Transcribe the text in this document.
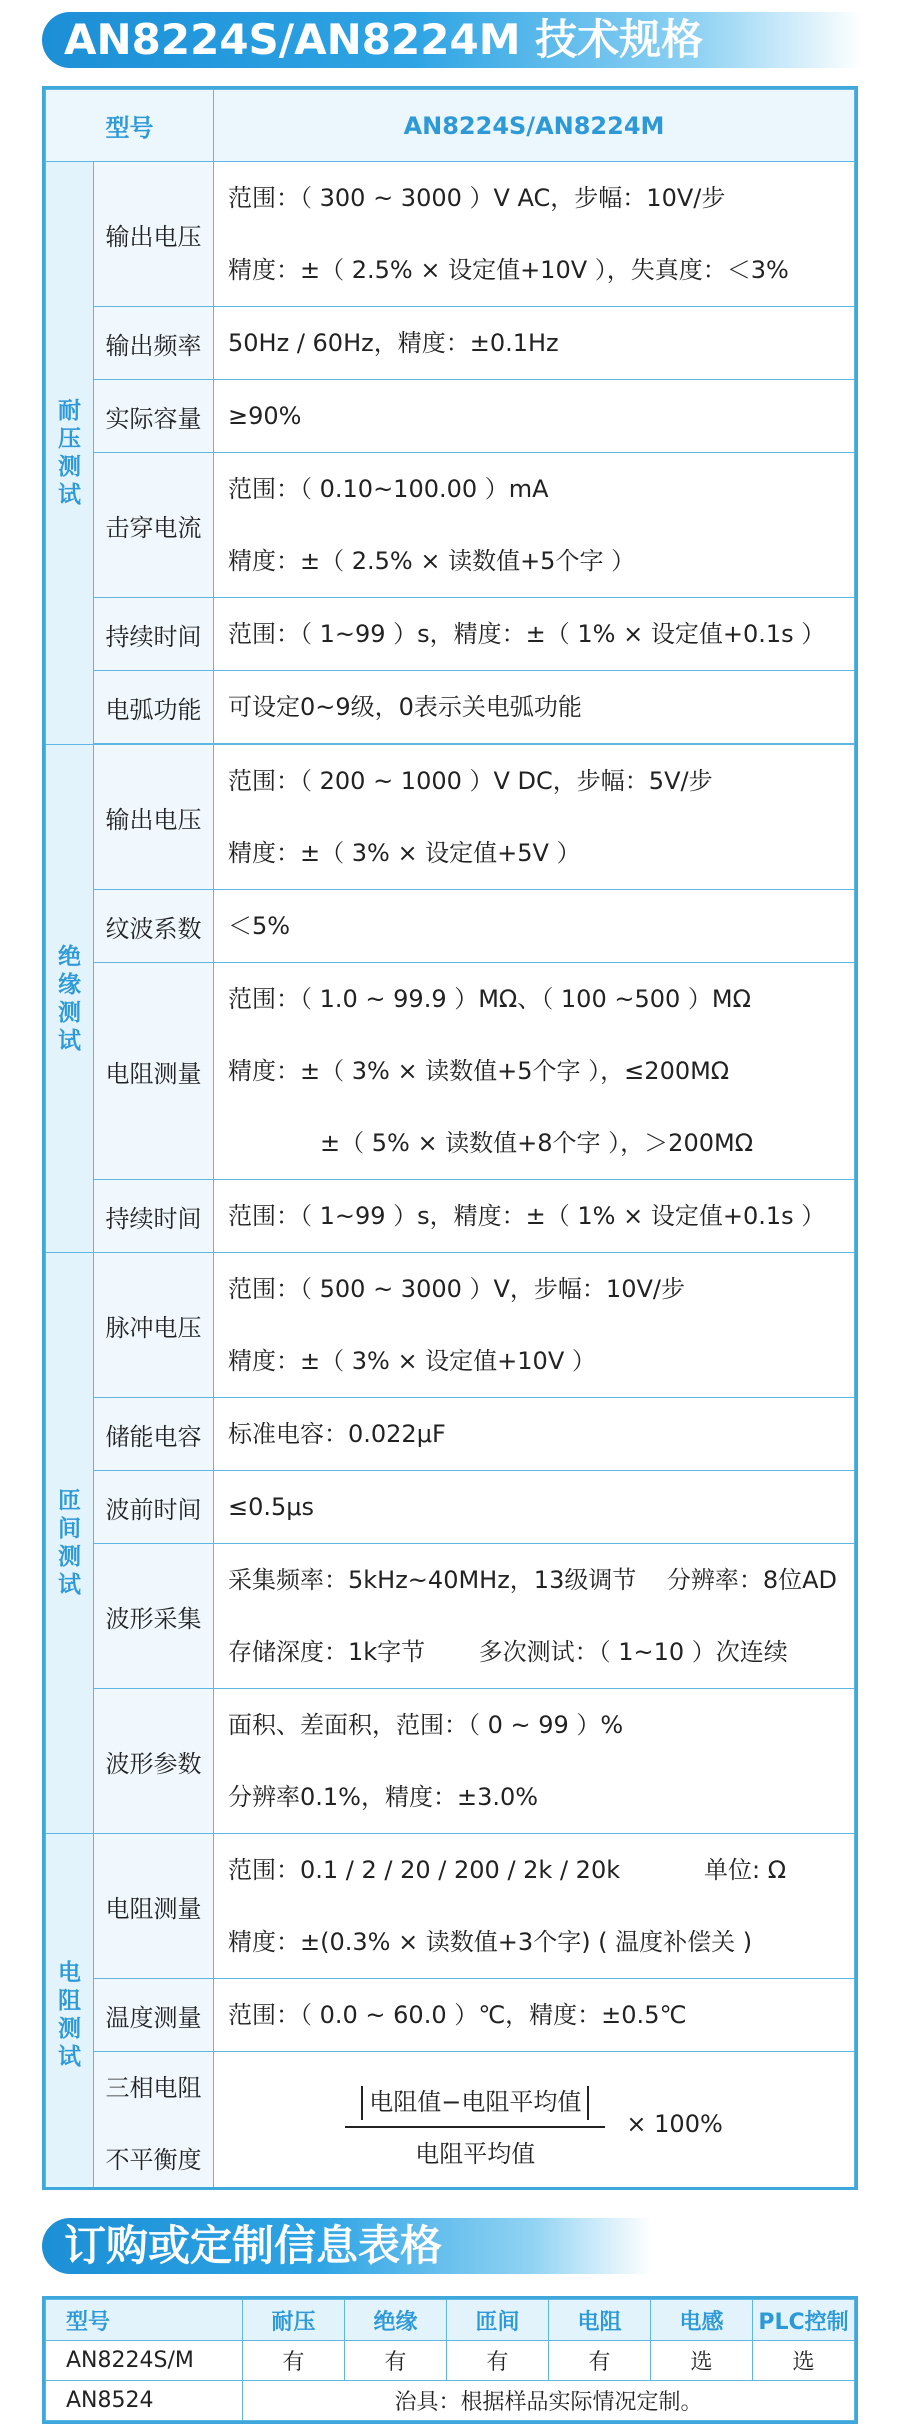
AN8224S/AN8224M 技术规格
型号		AN8224S/AN8224M
耐压测试	输出电压	范围：（ 300 ~ 3000 ）V AC，步幅：10V/步
精度：±（ 2.5% × 设定值+10V ），失真度：＜3%

	输出频率	50Hz / 60Hz，精度：±0.1Hz
	实际容量	≥90%
	击穿电流	范围：（ 0.10~100.00 ）mA
精度：±（ 2.5% × 读数值+5个字 ）

	持续时间	范围：（ 1~99 ）s，精度：±（ 1% × 设定值+0.1s ）
	电弧功能	可设定0~9级，0表示关电弧功能

绝缘测试	输出电压	范围：（ 200 ~ 1000 ）V DC，步幅：5V/步
精度：±（ 3% × 设定值+5V ）

	纹波系数	＜5%
	电阻测量	范围：（ 1.0 ~ 99.9 ）MΩ、（ 100 ~500 ）MΩ
精度：±（ 3% × 读数值+5个字 ），≤200MΩ
±（ 5% × 读数值+8个字 ），＞200MΩ

	持续时间	范围：（ 1~99 ）s，精度：±（ 1% × 设定值+0.1s ）
匝间测试	脉冲电压	范围：（ 500 ~ 3000 ）V，步幅：10V/步
精度：±（ 3% × 设定值+10V ）

	储能电容	标准电容：0.022μF
	波前时间	≤0.5μs
	波形采集	采集频率：5kHz~40MHz，13级调节    分辨率：8位AD
存储深度：1k字节       多次测试：（ 1~10 ）次连续

	波形参数	面积、差面积，范围：（ 0 ~ 99 ）%
分辨率0.1%，精度：±3.0%

电阻测试	电阻测量	范围：0.1 / 2 / 20 / 200 / 2k / 20k           单位: Ω
精度：±(0.3% × 读数值+3个字) ( 温度补偿关 )

	温度测量	范围：（ 0.0 ~ 60.0 ）℃，精度：±0.5℃

	三相电阻
不平衡度	$\frac{\text{电阻值−电阻平均值}}{\text{电阻平均值}} \times 100\%$
订购或定制信息表格
型号	耐压	绝缘	匝间	电阻	电感	PLC控制
AN8224S/M	有	有	有	有	选	选
AN8524	治具：根据样品实际情况定制。					
